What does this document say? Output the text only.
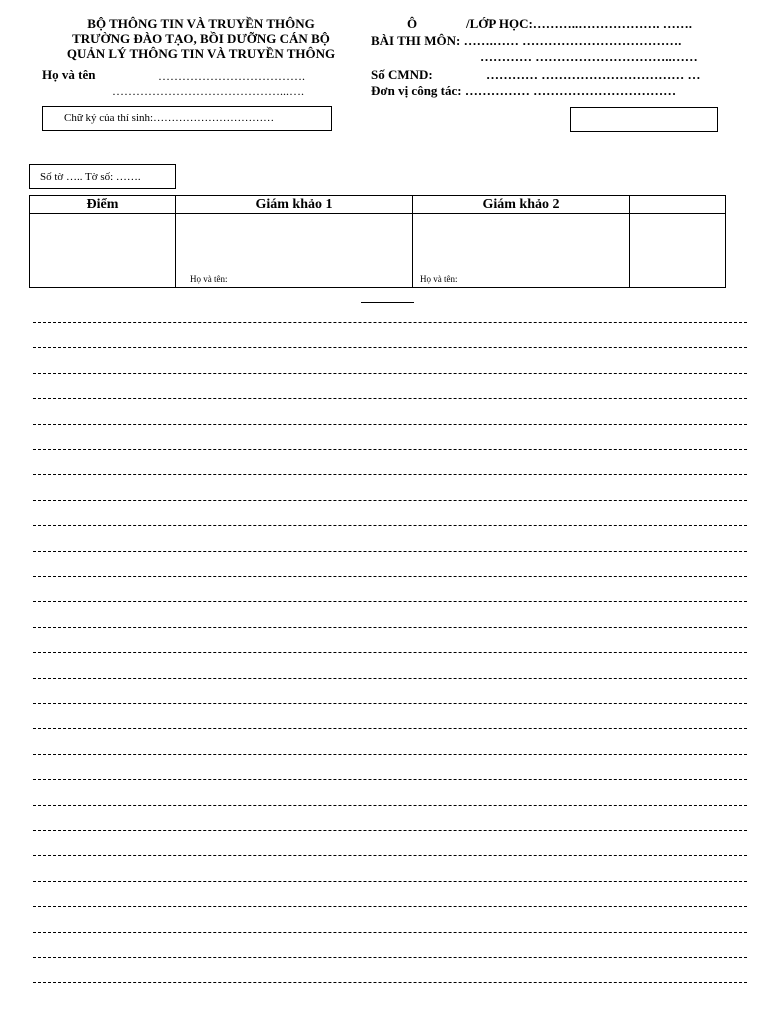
BỘ THÔNG TIN VÀ TRUYỀN THÔNG
TRƯỜNG ĐÀO TẠO, BỒI DƯỠNG CÁN BỘ
QUẢN LÝ THÔNG TIN VÀ TRUYỀN THÔNG
Họ và tên	……………………………….
……………………………………...….
Ô	/LỚP HỌC:………..………………. …….
BÀI THI MÔN: …….…… ……………………………….
………… …………………………..……
Số CMND:	………… …………………………… …
Đơn vị công tác: …………… ……………………………
Chữ ký của thí sinh:……………………………
Số tờ ….. Tờ số: …….
Điểm	Giám khảo 1	Giám khảo 2	

	Họ và tên:	Họ và tên:	
